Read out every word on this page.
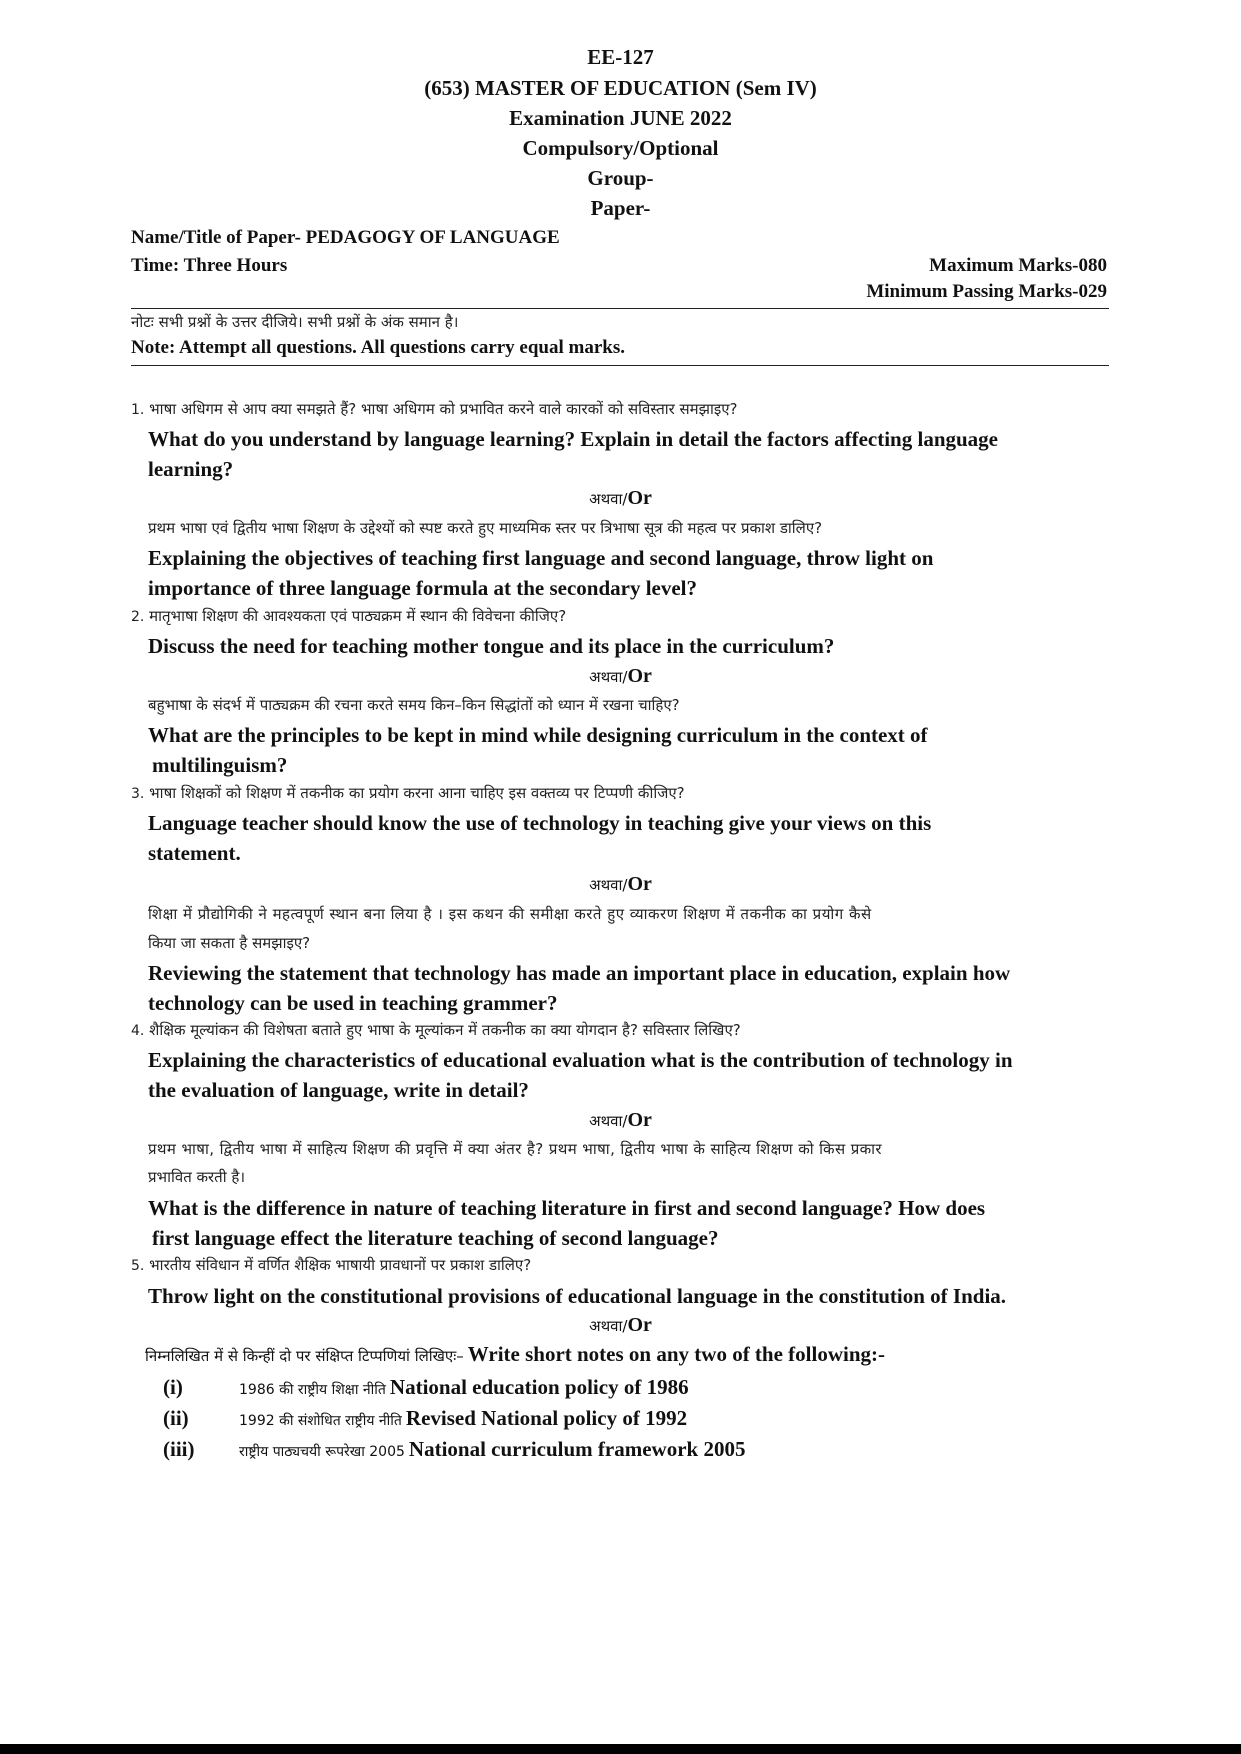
EE-127
(653) MASTER OF EDUCATION (Sem IV)
Examination JUNE 2022
Compulsory/Optional
Group-
Paper-
Name/Title of Paper- PEDAGOGY OF LANGUAGE
Time: Three Hours	Maximum Marks-080
Minimum Passing Marks-029
नोटः सभी प्रश्नों के उत्तर दीजिये। सभी प्रश्नों के अंक समान है।
Note: Attempt all questions. All questions carry equal marks.
1. भाषा अधिगम से आप क्या समझते हैं? भाषा अधिगम को प्रभावित करने वाले कारकों को सविस्तार समझाइए?
What do you understand by language learning? Explain in detail the factors affecting language
learning?
अथवा/Or
प्रथम भाषा एवं द्वितीय भाषा शिक्षण के उद्देश्यों को स्पष्ट करते हुए माध्यमिक स्तर पर त्रिभाषा सूत्र की महत्व पर प्रकाश डालिए?
Explaining the objectives of teaching first language and second language, throw light on
importance of three language formula at the secondary level?
2. मातृभाषा शिक्षण की आवश्यकता एवं पाठ्यक्रम में स्थान की विवेचना कीजिए?
Discuss the need for teaching mother tongue and its place in the curriculum?
अथवा/Or
बहुभाषा के संदर्भ में पाठ्यक्रम की रचना करते समय किन–किन सिद्धांतों को ध्यान में रखना चाहिए?
What are the principles to be kept in mind while designing curriculum in the context of
multilinguism?
3. भाषा शिक्षकों को शिक्षण में तकनीक का प्रयोग करना आना चाहिए इस वक्तव्य पर टिप्पणी कीजिए?
Language teacher should know the use of technology in teaching give your views on this
statement.
अथवा/Or
शिक्षा में प्रौद्योगिकी ने महत्वपूर्ण स्थान बना लिया है । इस कथन की समीक्षा करते हुए व्याकरण शिक्षण में तकनीक का प्रयोग कैसे
किया जा सकता है समझाइए?
Reviewing the statement that technology has made an important place in education, explain how
technology can be used in teaching grammer?
4. शैक्षिक मूल्यांकन की विशेषता बताते हुए भाषा के मूल्यांकन में तकनीक का क्या योगदान है? सविस्तार लिखिए?
Explaining the characteristics of educational evaluation what is the contribution of technology in
the evaluation of language, write in detail?
अथवा/Or
प्रथम भाषा, द्वितीय भाषा में साहित्य शिक्षण की प्रवृत्ति में क्या अंतर है? प्रथम भाषा, द्वितीय भाषा के साहित्य शिक्षण को किस प्रकार
प्रभावित करती है।
What is the difference in nature of teaching literature in first and second language? How does
first language effect the literature teaching of second language?
5. भारतीय संविधान में वर्णित शैक्षिक भाषायी प्रावधानों पर प्रकाश डालिए?
Throw light on the constitutional provisions of educational language in the constitution of India.
अथवा/Or
निम्नलिखित में से किन्हीं दो पर संक्षिप्त टिप्पणियां लिखिएः– Write short notes on any two of the following:-
(i)	1986 की राष्ट्रीय शिक्षा नीति National education policy of 1986
(ii)	1992 की संशोधित राष्ट्रीय नीति Revised National policy of 1992
(iii)	राष्ट्रीय पाठ्यचयी रूपरेखा 2005 National curriculum framework 2005
